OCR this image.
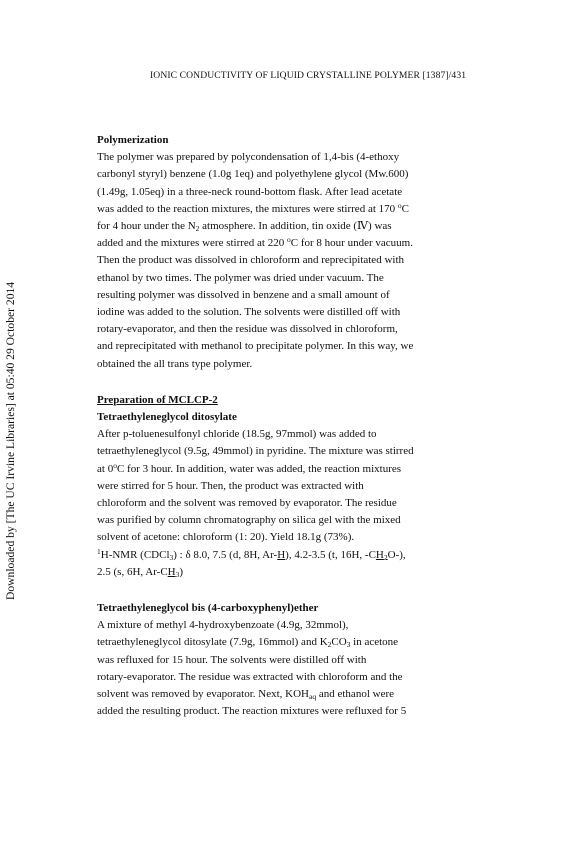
IONIC CONDUCTIVITY OF LIQUID CRYSTALLINE POLYMER [1387]/431
Downloaded by [The UC Irvine Libraries] at 05:40 29 October 2014

Polymerization

The polymer was prepared by polycondensation of 1,4-bis (4-ethoxy
carbonyl styryl) benzene (1.0g 1eq) and polyethylene glycol (Mw.600)
(1.49g, 1.05eq) in a three-neck round-bottom flask. After lead acetate
was added to the reaction mixtures, the mixtures were stirred at 170 $^o$C
for 4 hour under the $N_2$ atmosphere. In addition, tin oxide (Ⅳ) was
added and the mixtures were stirred at 220 $^o$C for 8 hour under vacuum.
Then the product was dissolved in chloroform and reprecipitated with
ethanol by two times. The polymer was dried under vacuum. The
resulting polymer was dissolved in benzene and a small amount of
iodine was added to the solution. The solvents were distilled off with
rotary-evaporator, and then the residue was dissolved in chloroform,
and reprecipitated with methanol to precipitate polymer. In this way, we
obtained the all trans type polymer.

Preparation of MCLCP-2

Tetraethyleneglycol ditosylate

After p-toluenesulfonyl chloride (18.5g, 97mmol) was added to
tetraethyleneglycol (9.5g, 49mmol) in pyridine. The mixture was stirred
at 0$^o$C for 3 hour. In addition, water was added, the reaction mixtures
were stirred for 5 hour. Then, the product was extracted with
chloroform and the solvent was removed by evaporator. The residue
was purified by column chromatography on silica gel with the mixed
solvent of acetone: chloroform (1: 20). Yield 18.1g (73%).
$^1$H-NMR (CDCl$_3$) : δ 8.0, 7.5 (d, 8H, Ar-H), 4.2-3.5 (t, 16H, $-CH_2O-$),
2.5 (s, 6H, $Ar-CH_3$)

Tetraethyleneglycol bis (4-carboxyphenyl)ether

A mixture of methyl 4-hydroxybenzoate (4.9g, 32mmol),
tetraethyleneglycol ditosylate (7.9g, 16mmol) and $K_2CO_3$ in acetone
was refluxed for 15 hour. The solvents were distilled off with
rotary-evaporator. The residue was extracted with chloroform and the
solvent was removed by evaporator. Next, $KOH_{aq}$ and ethanol were
added the resulting product. The reaction mixtures were refluxed for 5
